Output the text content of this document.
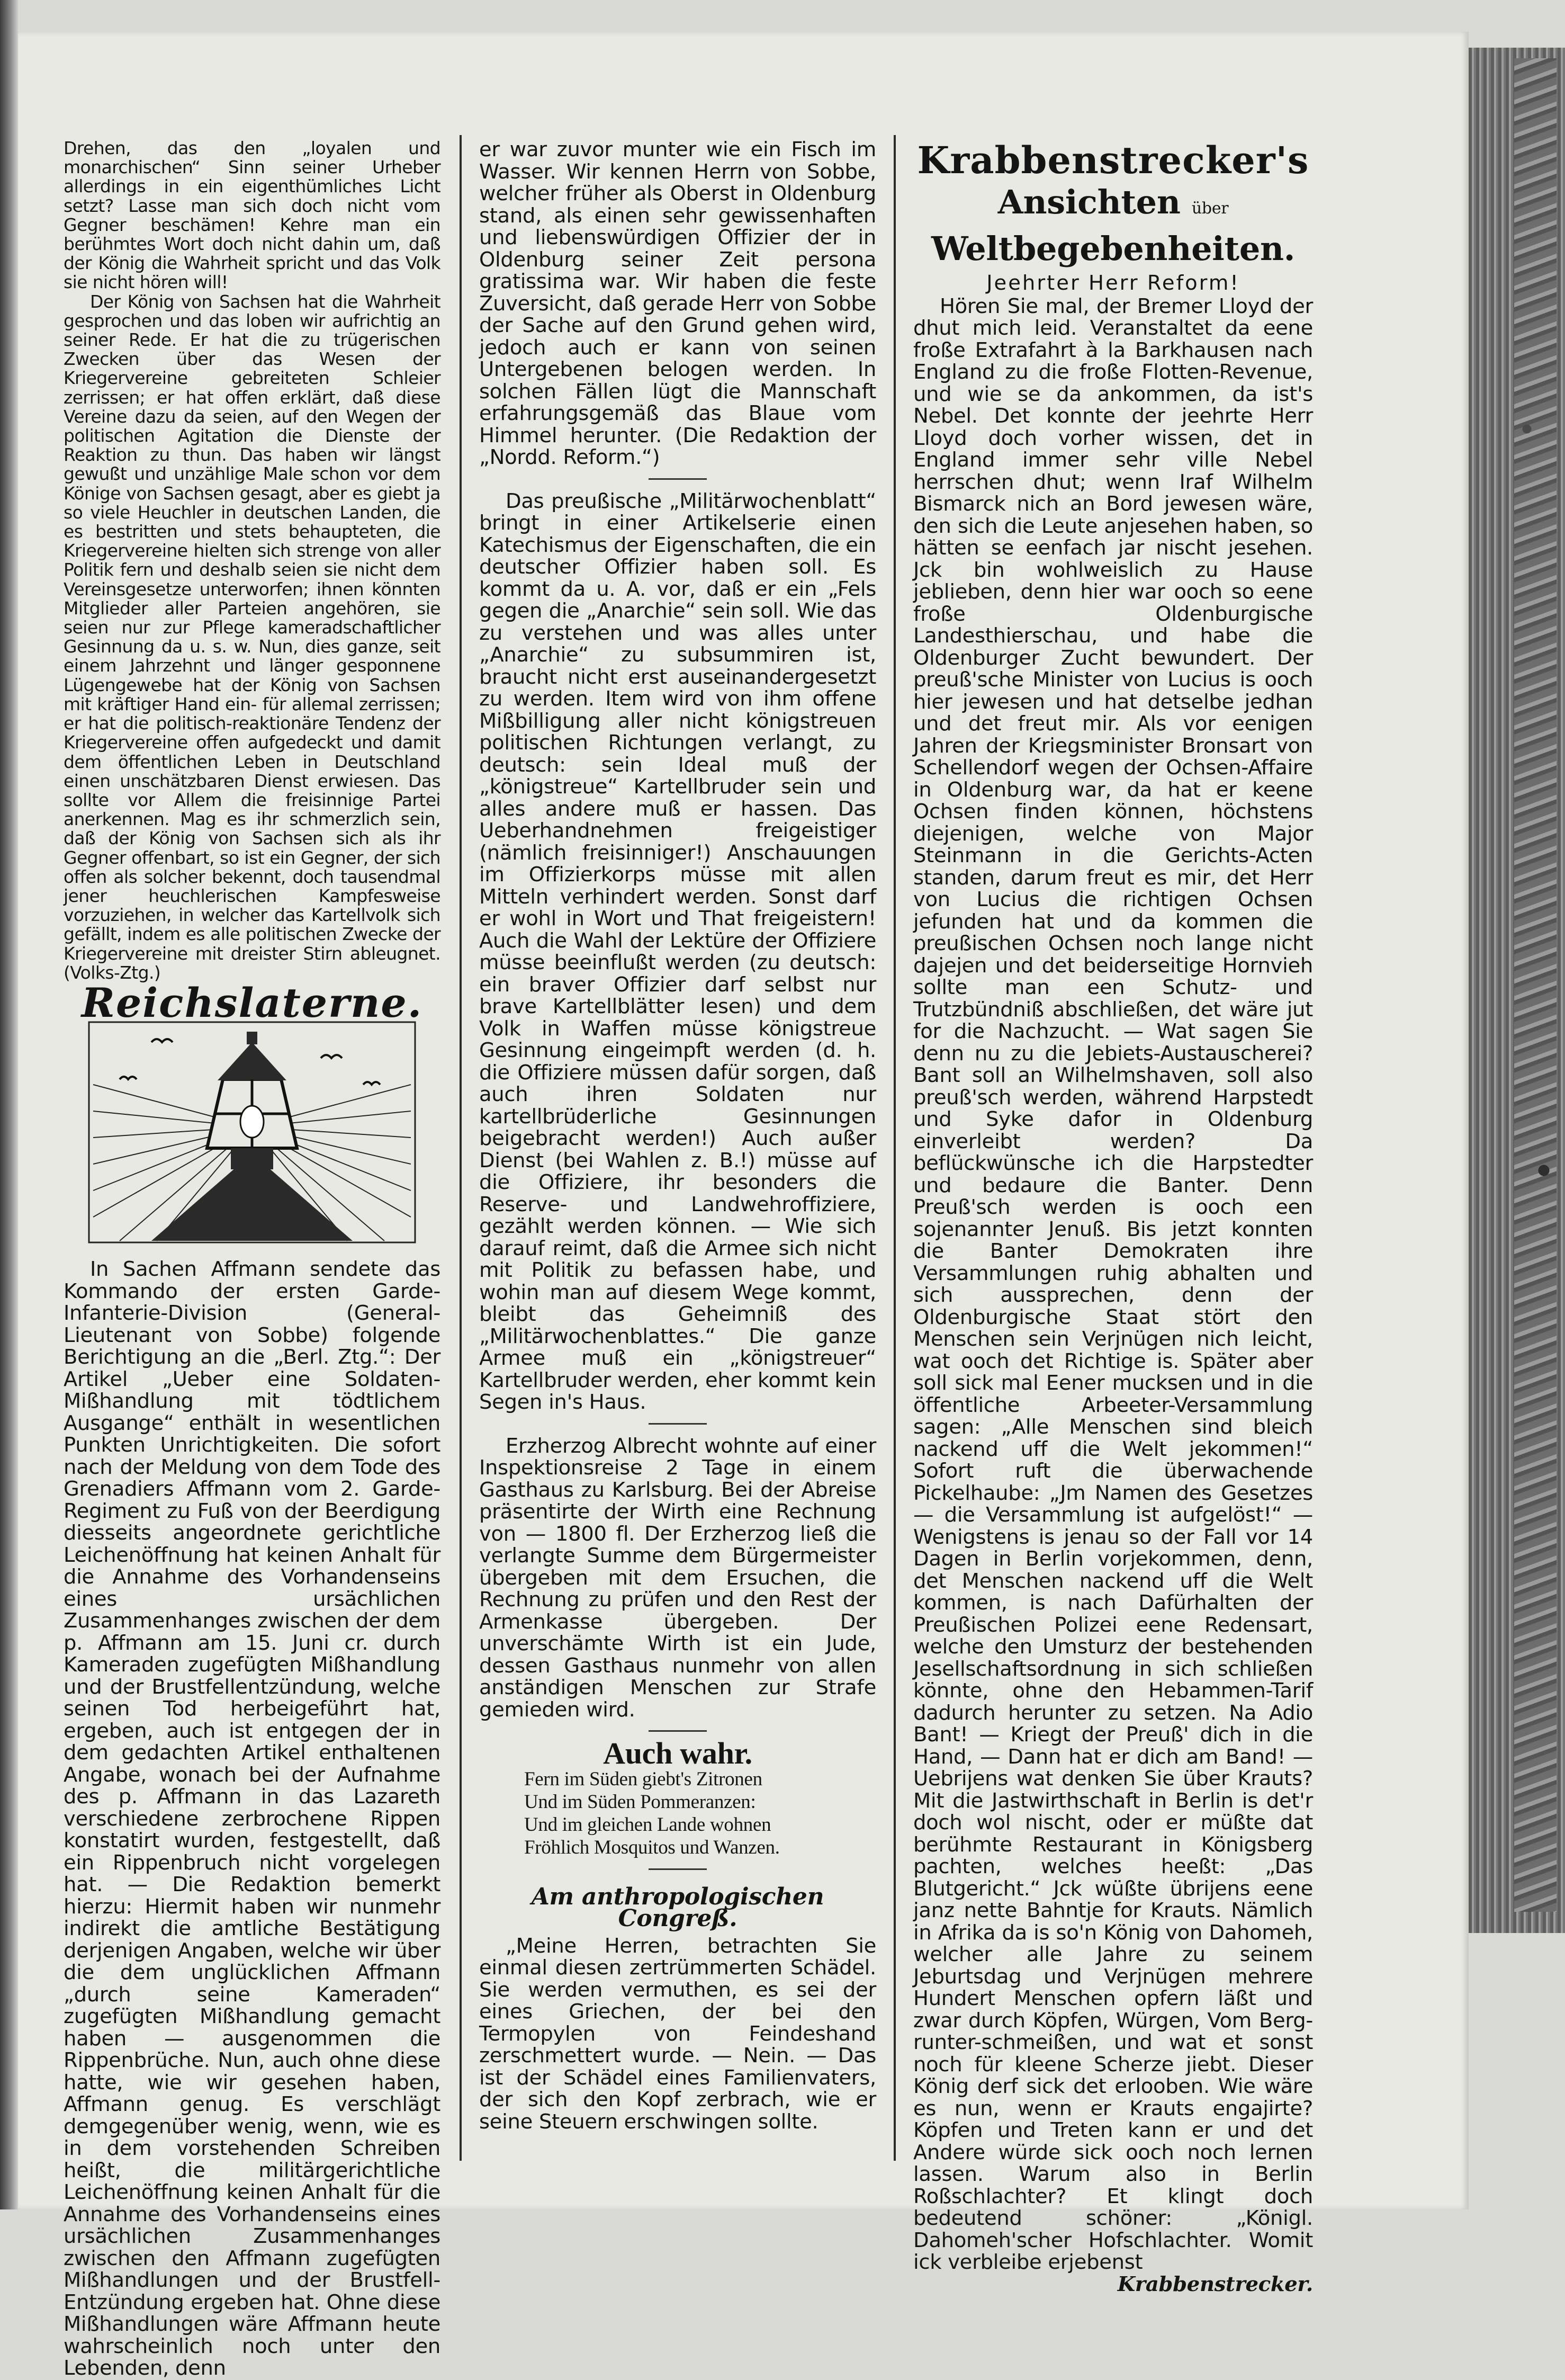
Drehen, das den „loyalen und monarchischen“ Sinn seiner Urheber allerdings in ein eigenthümliches Licht setzt? Lasse man sich doch nicht vom Gegner beschämen! Kehre man ein berühmtes Wort doch nicht dahin um, daß der König die Wahrheit spricht und das Volk sie nicht hören will!

Der König von Sachsen hat die Wahrheit gesprochen und das loben wir aufrichtig an seiner Rede. Er hat die zu trügerischen Zwecken über das Wesen der Kriegervereine gebreiteten Schleier zerrissen; er hat offen erklärt, daß diese Vereine dazu da seien, auf den Wegen der politischen Agitation die Dienste der Reaktion zu thun. Das haben wir längst gewußt und unzählige Male schon vor dem Könige von Sachsen gesagt, aber es giebt ja so viele Heuchler in deutschen Landen, die es bestritten und stets behaupteten, die Kriegervereine hielten sich strenge von aller Politik fern und deshalb seien sie nicht dem Vereinsgesetze unterworfen; ihnen könnten Mitglieder aller Parteien angehören, sie seien nur zur Pflege kameradschaftlicher Gesinnung da u. s. w. Nun, dies ganze, seit einem Jahrzehnt und länger gesponnene Lügengewebe hat der König von Sachsen mit kräftiger Hand ein- für allemal zerrissen; er hat die politisch-reaktionäre Tendenz der Kriegervereine offen aufgedeckt und damit dem öffentlichen Leben in Deutschland einen unschätzbaren Dienst erwiesen. Das sollte vor Allem die freisinnige Partei anerkennen. Mag es ihr schmerzlich sein, daß der König von Sachsen sich als ihr Gegner offenbart, so ist ein Gegner, der sich offen als solcher bekennt, doch tausendmal jener heuchlerischen Kampfesweise vorzuziehen, in welcher das Kartellvolk sich gefällt, indem es alle politischen Zwecke der Kriegervereine mit dreister Stirn ableugnet. (Volks-Ztg.)

Reichslaterne.

In Sachen Affmann sendete das Kommando der ersten Garde-Infanterie-Division (General-Lieutenant von Sobbe) folgende Berichtigung an die „Berl. Ztg.“: Der Artikel „Ueber eine Soldaten-Mißhandlung mit tödtlichem Ausgange“ enthält in wesentlichen Punkten Unrichtigkeiten. Die sofort nach der Meldung von dem Tode des Grenadiers Affmann vom 2. Garde-Regiment zu Fuß von der Beerdigung diesseits angeordnete gerichtliche Leichenöffnung hat keinen Anhalt für die Annahme des Vorhandenseins eines ursächlichen Zusammenhanges zwischen der dem p. Affmann am 15. Juni cr. durch Kameraden zugefügten Mißhandlung und der Brustfellentzündung, welche seinen Tod herbeigeführt hat, ergeben, auch ist entgegen der in dem gedachten Artikel enthaltenen Angabe, wonach bei der Aufnahme des p. Affmann in das Lazareth verschiedene zerbrochene Rippen konstatirt wurden, festgestellt, daß ein Rippenbruch nicht vorgelegen hat. — Die Redaktion bemerkt hierzu: Hiermit haben wir nunmehr indirekt die amtliche Bestätigung derjenigen Angaben, welche wir über die dem unglücklichen Affmann „durch seine Kameraden“ zugefügten Mißhandlung gemacht haben — ausgenommen die Rippenbrüche. Nun, auch ohne diese hatte, wie wir gesehen haben, Affmann genug. Es verschlägt demgegenüber wenig, wenn, wie es in dem vorstehenden Schreiben heißt, die militärgerichtliche Leichenöffnung keinen Anhalt für die Annahme des Vorhandenseins eines ursächlichen Zusammenhanges zwischen den Affmann zugefügten Mißhandlungen und der Brustfell-Entzündung ergeben hat. Ohne diese Mißhandlungen wäre Affmann heute wahrscheinlich noch unter den Lebenden, denn

er war zuvor munter wie ein Fisch im Wasser. Wir kennen Herrn von Sobbe, welcher früher als Oberst in Oldenburg stand, als einen sehr gewissenhaften und liebenswürdigen Offizier der in Oldenburg seiner Zeit persona gratissima war. Wir haben die feste Zuversicht, daß gerade Herr von Sobbe der Sache auf den Grund gehen wird, jedoch auch er kann von seinen Untergebenen belogen werden. In solchen Fällen lügt die Mannschaft erfahrungsgemäß das Blaue vom Himmel herunter. (Die Redaktion der „Nordd. Reform.“)

Das preußische „Militärwochenblatt“ bringt in einer Artikelserie einen Katechismus der Eigenschaften, die ein deutscher Offizier haben soll. Es kommt da u. A. vor, daß er ein „Fels gegen die „Anarchie“ sein soll. Wie das zu verstehen und was alles unter „Anarchie“ zu subsummiren ist, braucht nicht erst auseinandergesetzt zu werden. Item wird von ihm offene Mißbilligung aller nicht königstreuen politischen Richtungen verlangt, zu deutsch: sein Ideal muß der „königstreue“ Kartellbruder sein und alles andere muß er hassen. Das Ueberhandnehmen freigeistiger (nämlich freisinniger!) Anschauungen im Offizierkorps müsse mit allen Mitteln verhindert werden. Sonst darf er wohl in Wort und That freigeistern! Auch die Wahl der Lektüre der Offiziere müsse beeinflußt werden (zu deutsch: ein braver Offizier darf selbst nur brave Kartellblätter lesen) und dem Volk in Waffen müsse königstreue Gesinnung eingeimpft werden (d. h. die Offiziere müssen dafür sorgen, daß auch ihren Soldaten nur kartellbrüderliche Gesinnungen beigebracht werden!) Auch außer Dienst (bei Wahlen z. B.!) müsse auf die Offiziere, ihr besonders die Reserve- und Landwehroffiziere, gezählt werden können. — Wie sich darauf reimt, daß die Armee sich nicht mit Politik zu befassen habe, und wohin man auf diesem Wege kommt, bleibt das Geheimniß des „Militärwochenblattes.“ Die ganze Armee muß ein „königstreuer“ Kartellbruder werden, eher kommt kein Segen in's Haus.

Erzherzog Albrecht wohnte auf einer Inspektionsreise 2 Tage in einem Gasthaus zu Karlsburg. Bei der Abreise präsentirte der Wirth eine Rechnung von — 1800 fl. Der Erzherzog ließ die verlangte Summe dem Bürgermeister übergeben mit dem Ersuchen, die Rechnung zu prüfen und den Rest der Armenkasse übergeben. Der unverschämte Wirth ist ein Jude, dessen Gasthaus nunmehr von allen anständigen Menschen zur Strafe gemieden wird.

Auch wahr.
Fern im Süden giebt's Zitronen
Und im Süden Pommeranzen:
Und im gleichen Lande wohnen
Fröhlich Mosquitos und Wanzen.
Am anthropologischen Congreß.

„Meine Herren, betrachten Sie einmal diesen zertrümmerten Schädel. Sie werden vermuthen, es sei der eines Griechen, der bei den Termopylen von Feindeshand zerschmettert wurde. — Nein. — Das ist der Schädel eines Familienvaters, der sich den Kopf zerbrach, wie er seine Steuern erschwingen sollte.

Krabbenstrecker's
Ansichten über Weltbegebenheiten.
Jeehrter Herr Reform!

Hören Sie mal, der Bremer Lloyd der dhut mich leid. Veranstaltet da eene froße Extrafahrt à la Barkhausen nach England zu die froße Flotten-Revenue, und wie se da ankommen, da ist's Nebel. Det konnte der jeehrte Herr Lloyd doch vorher wissen, det in England immer sehr ville Nebel herrschen dhut; wenn Iraf Wilhelm Bismarck nich an Bord jewesen wäre, den sich die Leute anjesehen haben, so hätten se eenfach jar nischt jesehen. Jck bin wohlweislich zu Hause jeblieben, denn hier war ooch so eene froße Oldenburgische Landesthierschau, und habe die Oldenburger Zucht bewundert. Der preuß'sche Minister von Lucius is ooch hier jewesen und hat detselbe jedhan und det freut mir. Als vor eenigen Jahren der Kriegsminister Bronsart von Schellendorf wegen der Ochsen-Affaire in Oldenburg war, da hat er keene Ochsen finden können, höchstens diejenigen, welche von Major Steinmann in die Gerichts-Acten standen, darum freut es mir, det Herr von Lucius die richtigen Ochsen jefunden hat und da kommen die preußischen Ochsen noch lange nicht dajejen und det beiderseitige Hornvieh sollte man een Schutz- und Trutzbündniß abschließen, det wäre jut for die Nachzucht. — Wat sagen Sie denn nu zu die Jebiets-Austauscherei? Bant soll an Wilhelmshaven, soll also preuß'sch werden, während Harpstedt und Syke dafor in Oldenburg einverleibt werden? Da beflückwünsche ich die Harpstedter und bedaure die Banter. Denn Preuß'sch werden is ooch een sojenannter Jenuß. Bis jetzt konnten die Banter Demokraten ihre Versammlungen ruhig abhalten und sich aussprechen, denn der Oldenburgische Staat stört den Menschen sein Verjnügen nich leicht, wat ooch det Richtige is. Später aber soll sick mal Eener mucksen und in die öffentliche Arbeeter-Versammlung sagen: „Alle Menschen sind bleich nackend uff die Welt jekommen!“ Sofort ruft die überwachende Pickelhaube: „Jm Namen des Gesetzes — die Versammlung ist aufgelöst!“ — Wenigstens is jenau so der Fall vor 14 Dagen in Berlin vorjekommen, denn, det Menschen nackend uff die Welt kommen, is nach Dafürhalten der Preußischen Polizei eene Redensart, welche den Umsturz der bestehenden Jesellschaftsordnung in sich schließen könnte, ohne den Hebammen-Tarif dadurch herunter zu setzen. Na Adio Bant! — Kriegt der Preuß' dich in die Hand, — Dann hat er dich am Band! — Uebrijens wat denken Sie über Krauts? Mit die Jastwirthschaft in Berlin is det'r doch wol nischt, oder er müßte dat berühmte Restaurant in Königsberg pachten, welches heeßt: „Das Blutgericht.“ Jck wüßte übrijens eene janz nette Bahntje for Krauts. Nämlich in Afrika da is so'n König von Dahomeh, welcher alle Jahre zu seinem Jeburtsdag und Verjnügen mehrere Hundert Menschen opfern läßt und zwar durch Köpfen, Würgen, Vom Berg-runter-schmeißen, und wat et sonst noch für kleene Scherze jiebt. Dieser König derf sick det erlooben. Wie wäre es nun, wenn er Krauts engajirte? Köpfen und Treten kann er und det Andere würde sick ooch noch lernen lassen. Warum also in Berlin Roßschlachter? Et klingt doch bedeutend schöner: „Königl. Dahomeh'scher Hofschlachter. Womit ick verbleibe erjebenst

Krabbenstrecker.
